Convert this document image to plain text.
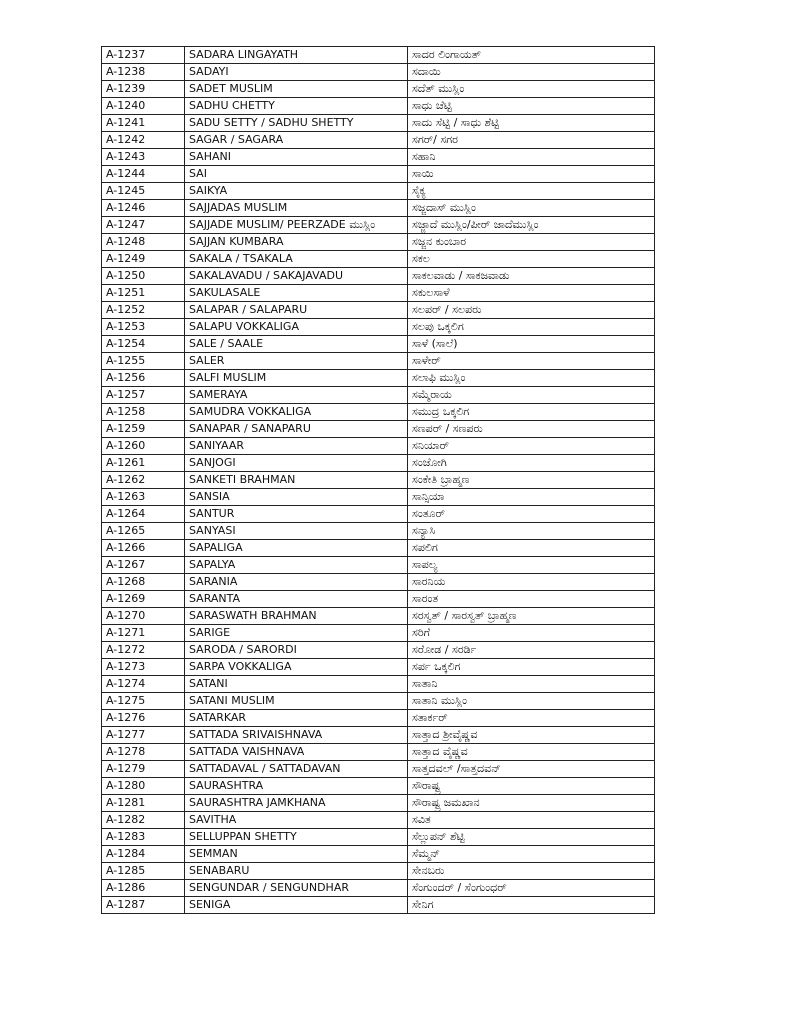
A-1237	SADARA LINGAYATH	ಸಾದರ ಲಿಂಗಾಯತ್
A-1238	SADAYI	ಸದಾಯಿ
A-1239	SADET MUSLIM	ಸದೆತ್ ಮುಸ್ಲಿಂ
A-1240	SADHU CHETTY	ಸಾಧು ಚೆಟ್ಟಿ
A-1241	SADU SETTY / SADHU SHETTY	ಸಾದು ಸೆಟ್ಟಿ / ಸಾಧು ಶೆಟ್ಟಿ
A-1242	SAGAR / SAGARA	ಸಗರ್/ ಸಗರ
A-1243	SAHANI	ಸಹಾನಿ
A-1244	SAI	ಸಾಯಿ
A-1245	SAIKYA	ಸೈಕ್ಯ
A-1246	SAJJADAS MUSLIM	ಸಜ್ಜದಾಸ್ ಮುಸ್ಲಿಂ
A-1247	SAJJADE MUSLIM/ PEERZADE ಮುಸ್ಲಿಂ	ಸಜ್ಜಾದೆ ಮುಸ್ಲಿಂ/ಪೀರ್ ಜಾದೆಮುಸ್ಲಿಂ
A-1248	SAJJAN KUMBARA	ಸಜ್ಜನ ಕುಂಬಾರ
A-1249	SAKALA / TSAKALA	ಸಕಲ
A-1250	SAKALAVADU / SAKAJAVADU	ಸಾಕಲವಾಡು / ಸಾಕಜವಾಡು
A-1251	SAKULASALE	ಸಕುಲಸಾಳೆ
A-1252	SALAPAR / SALAPARU	ಸಲಪರ್ / ಸಲಪರು
A-1253	SALAPU VOKKALIGA	ಸಲಪು ಒಕ್ಕಲಿಗ
A-1254	SALE / SAALE	ಸಾಳೆ (ಸಾಲೆ)
A-1255	SALER	ಸಾಳೇರ್
A-1256	SALFI MUSLIM	ಸಲಾಫಿ ಮುಸ್ಲಿಂ
A-1257	SAMERAYA	ಸಮ್ಮೆರಾಯ
A-1258	SAMUDRA VOKKALIGA	ಸಮುದ್ರ ಒಕ್ಕಲಿಗ
A-1259	SANAPAR / SANAPARU	ಸಣಪರ್ / ಸಣಪರು
A-1260	SANIYAAR	ಸನಿಯಾರ್
A-1261	SANJOGI	ಸಂಜೋಗಿ
A-1262	SANKETI BRAHMAN	ಸಂಕೇತಿ ಬ್ರಾಹ್ಮಣ
A-1263	SANSIA	ಸಾನ್ಸಿಯಾ
A-1264	SANTUR	ಸಂತೂರ್
A-1265	SANYASI	ಸನ್ಯಾಸಿ
A-1266	SAPALIGA	ಸಪಲಿಗ
A-1267	SAPALYA	ಸಾಪಲ್ಯ
A-1268	SARANIA	ಸಾರನಿಯ
A-1269	SARANTA	ಸಾರಂತ
A-1270	SARASWATH BRAHMAN	ಸರಸ್ವತ್ / ಸಾರಸ್ವತ್ ಬ್ರಾಹ್ಮಣ
A-1271	SARIGE	ಸರಿಗೆ
A-1272	SARODA / SARORDI	ಸರೋಡ / ಸರರ್ಡಿ
A-1273	SARPA VOKKALIGA	ಸರ್ಪ ಒಕ್ಕಲಿಗ
A-1274	SATANI	ಸಾತಾನಿ
A-1275	SATANI MUSLIM	ಸಾತಾನಿ ಮುಸ್ಲಿಂ
A-1276	SATARKAR	ಸತಾರ್ಕರ್
A-1277	SATTADA SRIVAISHNAVA	ಸಾತ್ತಾದ ಶ್ರೀವೈಷ್ಣವ
A-1278	SATTADA VAISHNAVA	ಸಾತ್ತಾದ ವೈಷ್ಣವ
A-1279	SATTADAVAL / SATTADAVAN	ಸಾತ್ತದವಲ್ /ಸಾತ್ತದವನ್
A-1280	SAURASHTRA	ಸೌರಾಷ್ಟ್ರ
A-1281	SAURASHTRA JAMKHANA	ಸೌರಾಷ್ಟ್ರ ಜಮಖಾನ
A-1282	SAVITHA	ಸವಿತ
A-1283	SELLUPPAN SHETTY	ಸೆಲ್ಲುಪನ್ ಶೆಟ್ಟಿ
A-1284	SEMMAN	ಸೆಮ್ಮನ್
A-1285	SENABARU	ಸೇನಬರು
A-1286	SENGUNDAR / SENGUNDHAR	ಸೆಂಗುಂದರ್ / ಸೆಂಗುಂಧರ್
A-1287	SENIGA	ಸೇನಿಗ
